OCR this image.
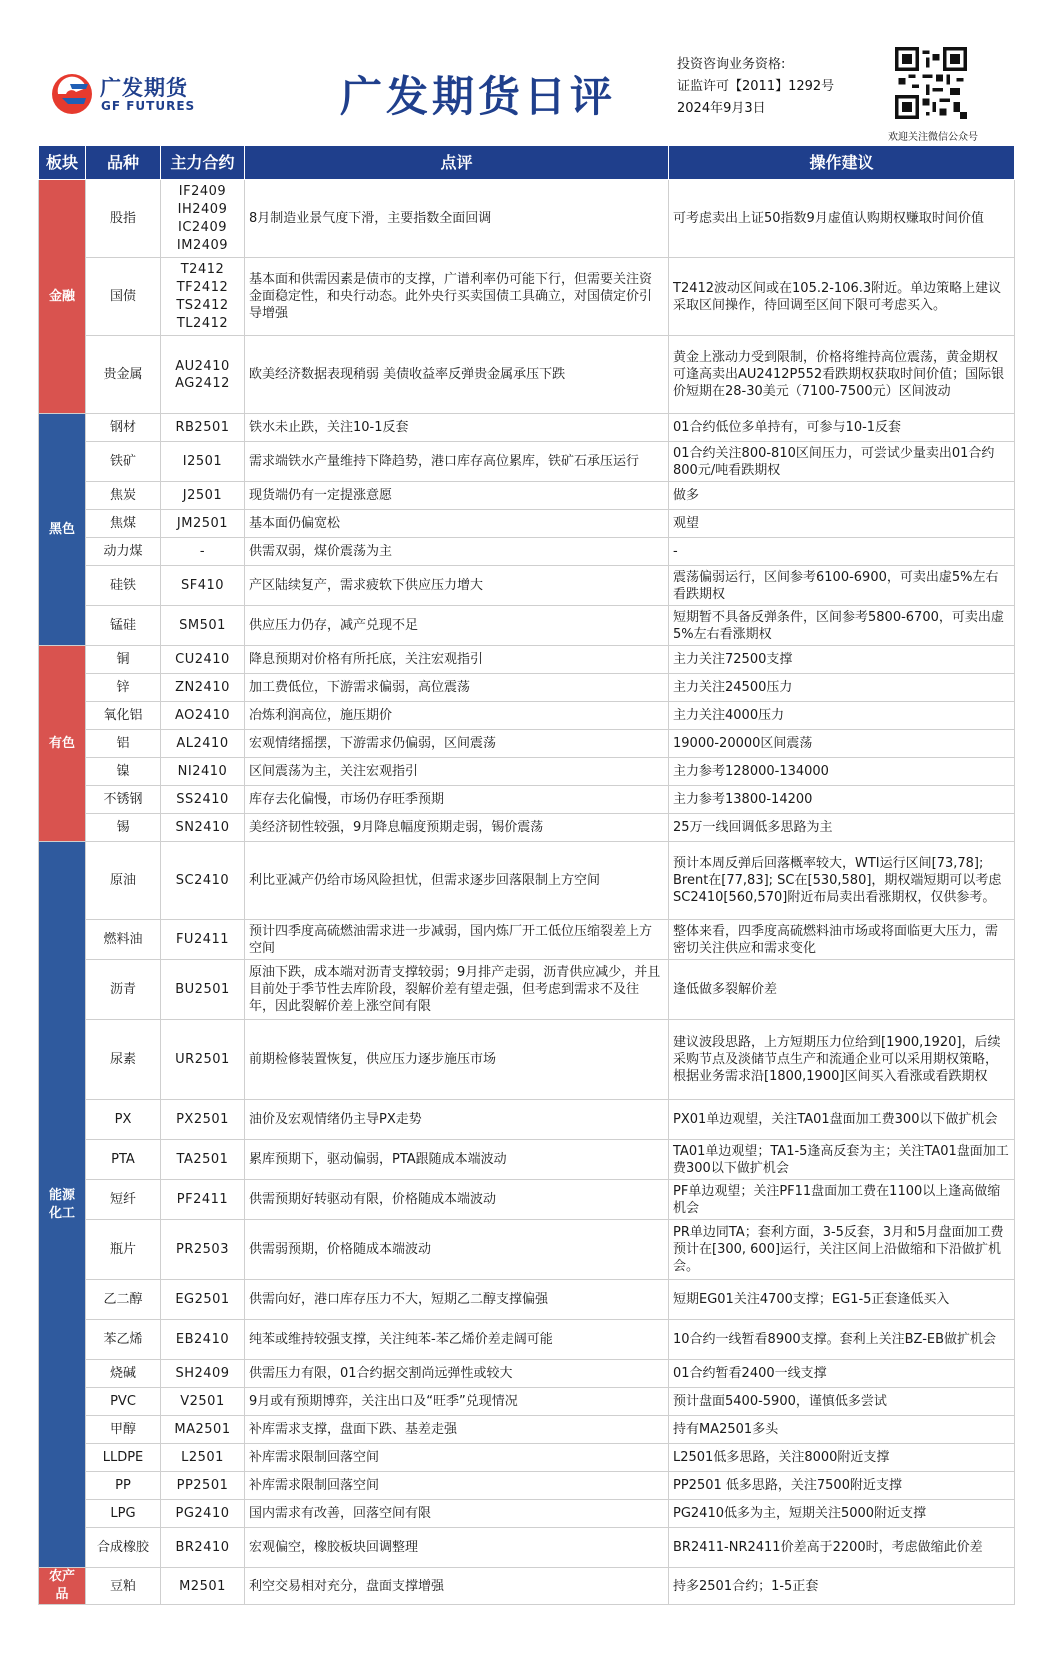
广发期货
GF FUTURES	广发期货日评
投资咨询业务资格:
证监许可【2011】1292号
2024年9月3日
欢迎关注微信公众号
板块	品种	主力合约	点评	操作建议
金融	股指	IF2409
IH2409
IC2409
IM2409	8月制造业景气度下滑，主要指数全面回调	可考虑卖出上证50指数9月虚值认购期权赚取时间价值
	国债	T2412
TF2412
TS2412
TL2412	基本面和供需因素是债市的支撑，广谱利率仍可能下行，但需要关注资金面稳定性，和央行动态。此外央行买卖国债工具确立，对国债定价引导增强	T2412波动区间或在105.2-106.3附近。单边策略上建议采取区间操作，待回调至区间下限可考虑买入。
	贵金属	AU2410
AG2412	欧美经济数据表现稍弱 美债收益率反弹贵金属承压下跌	黄金上涨动力受到限制，价格将维持高位震荡，黄金期权可逢高卖出AU2412P552看跌期权获取时间价值；国际银价短期在28-30美元（7100-7500元）区间波动
黑色	钢材	RB2501	铁水未止跌，关注10-1反套	01合约低位多单持有，可参与10-1反套
	铁矿	I2501	需求端铁水产量维持下降趋势，港口库存高位累库，铁矿石承压运行	01合约关注800-810区间压力，可尝试少量卖出01合约800元/吨看跌期权
	焦炭	J2501	现货端仍有一定提涨意愿	做多
	焦煤	JM2501	基本面仍偏宽松	观望
	动力煤	-	供需双弱，煤价震荡为主	-
	硅铁	SF410	产区陆续复产，需求疲软下供应压力增大	震荡偏弱运行，区间参考6100-6900，可卖出虚5%左右看跌期权
	锰硅	SM501	供应压力仍存，减产兑现不足	短期暂不具备反弹条件，区间参考5800-6700，可卖出虚5%左右看涨期权
有色	铜	CU2410	降息预期对价格有所托底，关注宏观指引	主力关注72500支撑
	锌	ZN2410	加工费低位，下游需求偏弱，高位震荡	主力关注24500压力
	氧化铝	AO2410	冶炼利润高位，施压期价	主力关注4000压力
	铝	AL2410	宏观情绪摇摆，下游需求仍偏弱，区间震荡	19000-20000区间震荡
	镍	NI2410	区间震荡为主，关注宏观指引	主力参考128000-134000
	不锈钢	SS2410	库存去化偏慢，市场仍存旺季预期	主力参考13800-14200
	锡	SN2410	美经济韧性较强，9月降息幅度预期走弱，锡价震荡	25万一线回调低多思路为主
能源化工	原油	SC2410	利比亚减产仍给市场风险担忧，但需求逐步回落限制上方空间	预计本周反弹后回落概率较大，WTI运行区间[73,78]; Brent在[77,83]; SC在[530,580]，期权端短期可以考虑SC2410[560,570]附近布局卖出看涨期权，仅供参考。
	燃料油	FU2411	预计四季度高硫燃油需求进一步减弱，国内炼厂开工低位压缩裂差上方空间	整体来看，四季度高硫燃料油市场或将面临更大压力，需密切关注供应和需求变化
	沥青	BU2501	原油下跌，成本端对沥青支撑较弱；9月排产走弱，沥青供应减少，并且目前处于季节性去库阶段，裂解价差有望走强，但考虑到需求不及往年，因此裂解价差上涨空间有限	逢低做多裂解价差
	尿素	UR2501	前期检修装置恢复，供应压力逐步施压市场	建议波段思路，上方短期压力位给到[1900,1920]，后续采购节点及淡储节点生产和流通企业可以采用期权策略，根据业务需求沿[1800,1900]区间买入看涨或看跌期权
	PX	PX2501	油价及宏观情绪仍主导PX走势	PX01单边观望，关注TA01盘面加工费300以下做扩机会
	PTA	TA2501	累库预期下，驱动偏弱，PTA跟随成本端波动	TA01单边观望；TA1-5逢高反套为主；关注TA01盘面加工费300以下做扩机会
	短纤	PF2411	供需预期好转驱动有限，价格随成本端波动	PF单边观望；关注PF11盘面加工费在1100以上逢高做缩机会
	瓶片	PR2503	供需弱预期，价格随成本端波动	PR单边同TA；套利方面，3-5反套，3月和5月盘面加工费预计在[300, 600]运行，关注区间上沿做缩和下沿做扩机会。
	乙二醇	EG2501	供需向好，港口库存压力不大，短期乙二醇支撑偏强	短期EG01关注4700支撑；EG1-5正套逢低买入
	苯乙烯	EB2410	纯苯或维持较强支撑，关注纯苯-苯乙烯价差走阔可能	10合约一线暂看8900支撑。套利上关注BZ-EB做扩机会
	烧碱	SH2409	供需压力有限，01合约据交割尚远弹性或较大	01合约暂看2400一线支撑
	PVC	V2501	9月或有预期博弈，关注出口及“旺季”兑现情况	预计盘面5400-5900，谨慎低多尝试
	甲醇	MA2501	补库需求支撑，盘面下跌、基差走强	持有MA2501多头
	LLDPE	L2501	补库需求限制回落空间	L2501低多思路，关注8000附近支撑
	PP	PP2501	补库需求限制回落空间	PP2501 低多思路，关注7500附近支撑
	LPG	PG2410	国内需求有改善，回落空间有限	PG2410低多为主，短期关注5000附近支撑
	合成橡胶	BR2410	宏观偏空，橡胶板块回调整理	BR2411-NR2411价差高于2200时，考虑做缩此价差
农产品	豆粕	M2501	利空交易相对充分，盘面支撑增强	持多2501合约；1-5正套
